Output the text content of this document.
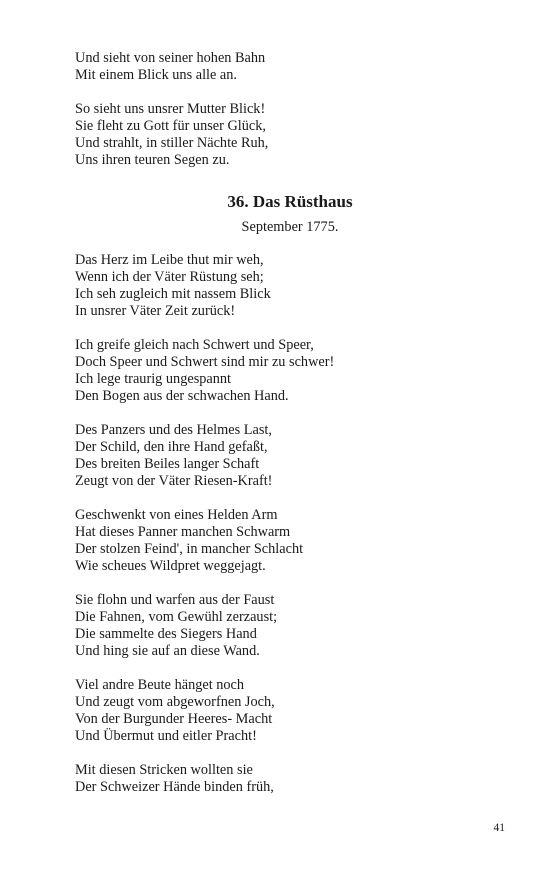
Und sieht von seiner hohen Bahn
Mit einem Blick uns alle an.
So sieht uns unsrer Mutter Blick!
Sie fleht zu Gott für unser Glück,
Und strahlt, in stiller Nächte Ruh,
Uns ihren teuren Segen zu.
36. Das Rüsthaus
September 1775.
Das Herz im Leibe thut mir weh,
Wenn ich der Väter Rüstung seh;
Ich seh zugleich mit nassem Blick
In unsrer Väter Zeit zurück!
Ich greife gleich nach Schwert und Speer,
Doch Speer und Schwert sind mir zu schwer!
Ich lege traurig ungespannt
Den Bogen aus der schwachen Hand.
Des Panzers und des Helmes Last,
Der Schild, den ihre Hand gefaßt,
Des breiten Beiles langer Schaft
Zeugt von der Väter Riesen-Kraft!
Geschwenkt von eines Helden Arm
Hat dieses Panner manchen Schwarm
Der stolzen Feind', in mancher Schlacht
Wie scheues Wildpret weggejagt.
Sie flohn und warfen aus der Faust
Die Fahnen, vom Gewühl zerzaust;
Die sammelte des Siegers Hand
Und hing sie auf an diese Wand.
Viel andre Beute hänget noch
Und zeugt vom abgeworfnen Joch,
Von der Burgunder Heeres- Macht
Und Übermut und eitler Pracht!
Mit diesen Stricken wollten sie
Der Schweizer Hände binden früh,
41
